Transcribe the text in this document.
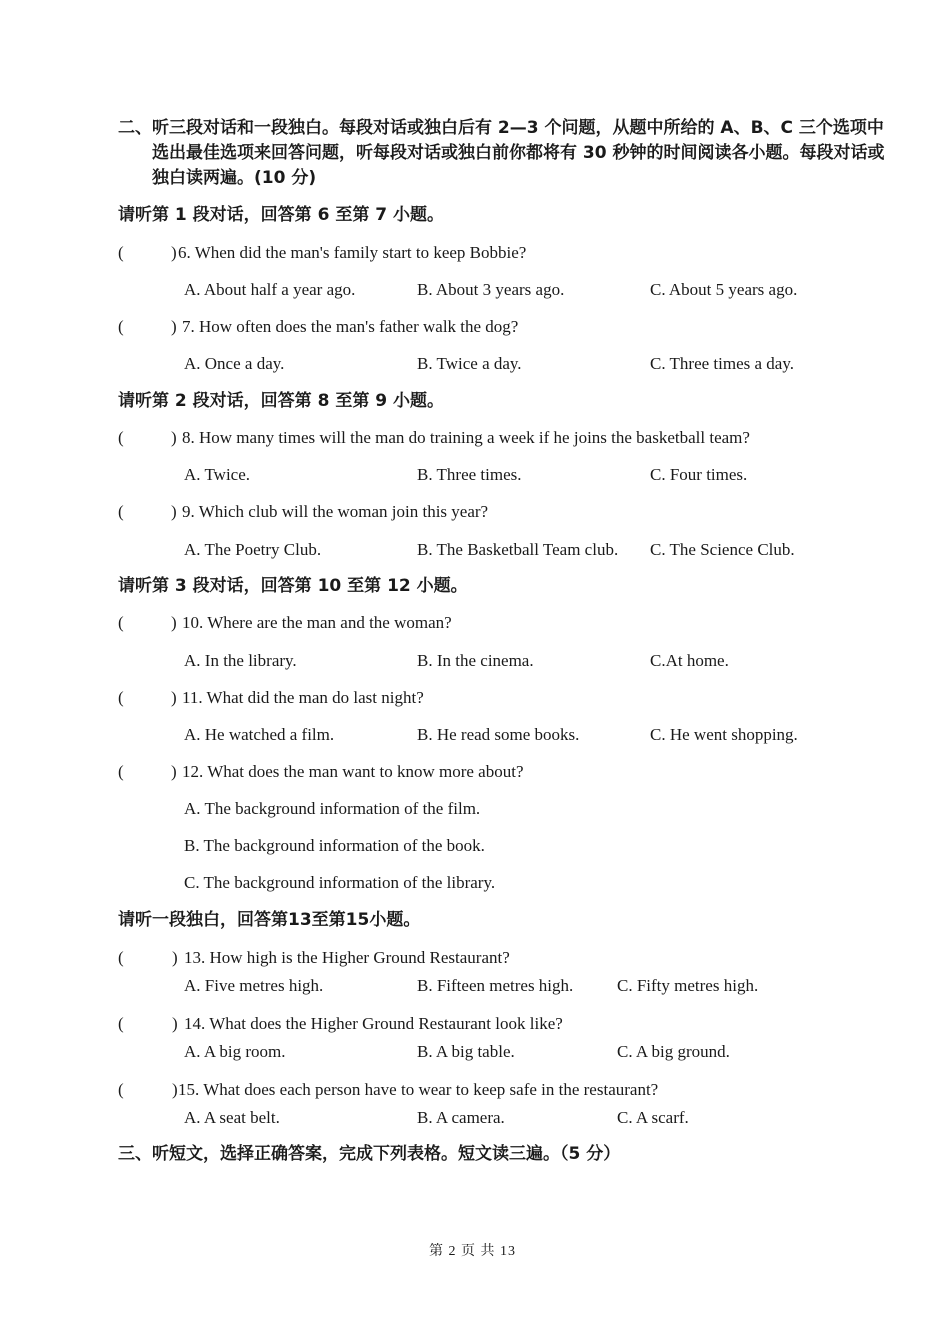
二、听三段对话和一段独白。每段对话或独白后有 2—3 个问题，从题中所给的 A、B、C 三个选项中选出最佳选项来回答问题，听每段对话或独白前你都将有 30 秒钟的时间阅读各小题。每段对话或独白读两遍。(10 分)
请听第 1 段对话，回答第 6 至第 7 小题。
(	) 6. When did the man's family start to keep Bobbie?
A. About half a year ago.	B. About 3 years ago.	C. About 5 years ago.
(	) 7. How often does the man's father walk the dog?
A. Once a day.	B. Twice a day.	C. Three times a day.
请听第 2 段对话，回答第 8 至第 9 小题。
(	) 8. How many times will the man do training a week if he joins the basketball team?
A. Twice.	B. Three times.	C. Four times.
(	) 9. Which club will the woman join this year?
A. The Poetry Club.	B. The Basketball Team club. C. The Science Club.
请听第 3 段对话，回答第 10 至第 12 小题。
(	) 10. Where are the man and the woman?
A. In the library.	B. In the cinema.	C.At home.
(	) 11. What did the man do last night?
A. He watched a film.	B. He read some books.	C. He went shopping.
(	) 12. What does the man want to know more about?
A. The background information of the film.
B. The background information of the book.
C. The background information of the library.
请听一段独白，回答第13至第15小题。
(	) 13. How high is the Higher Ground Restaurant?
A. Five metres high.	B. Fifteen metres high.	C. Fifty metres high.
(	) 14. What does the Higher Ground Restaurant look like?
A. A big room.	B. A big table.	C. A big ground.
(	) 15. What does each person have to wear to keep safe in the restaurant?
A. A seat belt.	B. A camera.	C. A scarf.
三、听短文，选择正确答案，完成下列表格。短文读三遍。（5 分）
第 2 页 共 13
